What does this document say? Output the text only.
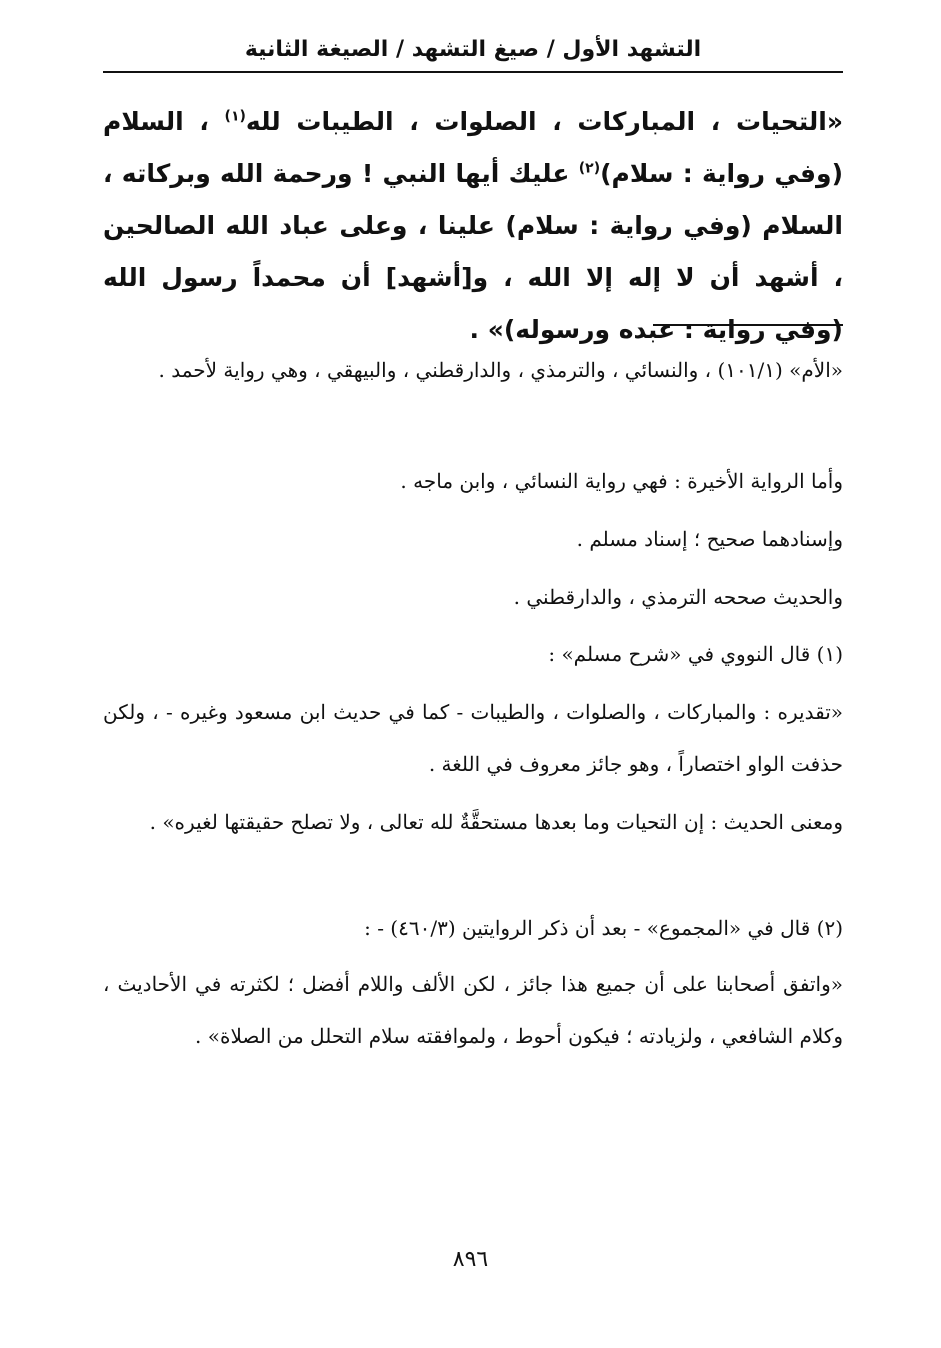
التشهد الأول / صيغ التشهد / الصيغة الثانية

«التحيات ، المباركات ، الصلوات ، الطيبات لله$^{(١)}$ ، السلام (وفي رواية : سلام)$^{(٢)}$ عليك أيها النبي ! ورحمة الله وبركاته ، السلام (وفي رواية : سلام) علينا ، وعلى عباد الله الصالحين ، أشهد أن لا إله إلا الله ، و[أشهد] أن محمداً رسول الله (وفي رواية : عبده ورسوله)» .

«الأم» (١٠١/١) ، والنسائي ، والترمذي ، والدارقطني ، والبيهقي ، وهي رواية لأحمد .

وأما الرواية الأخيرة : فهي رواية النسائي ، وابن ماجه .

وإسنادهما صحيح ؛ إسناد مسلم .

والحديث صححه الترمذي ، والدارقطني .

(١) قال النووي في «شرح مسلم» :

«تقديره : والمباركات ، والصلوات ، والطيبات - كما في حديث ابن مسعود وغيره - ، ولكن حذفت الواو اختصاراً ، وهو جائز معروف في اللغة .

ومعنى الحديث : إن التحيات وما بعدها مستحقَّةٌ لله تعالى ، ولا تصلح حقيقتها لغيره» .

(٢) قال في «المجموع» - بعد أن ذكر الروايتين (٤٦٠/٣) - :

«واتفق أصحابنا على أن جميع هذا جائز ، لكن الألف واللام أفضل ؛ لكثرته في الأحاديث ، وكلام الشافعي ، ولزيادته ؛ فيكون أحوط ، ولموافقته سلام التحلل من الصلاة» .

٨٩٦
